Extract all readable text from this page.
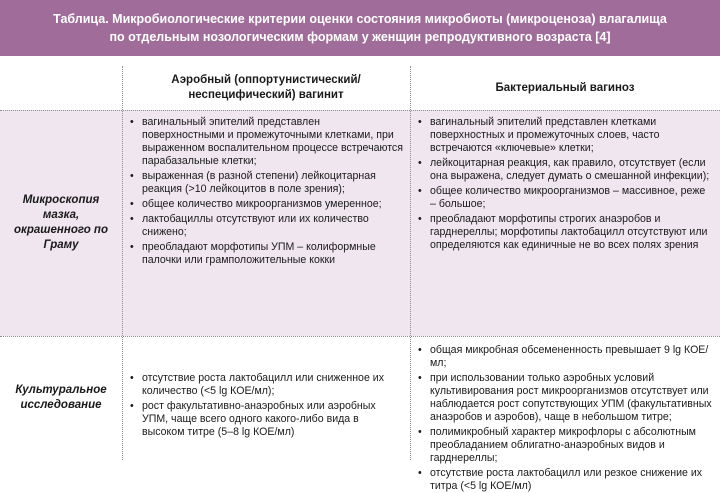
Таблица. Микробиологические критерии оценки состояния микробиоты (микроценоза) влагалища
по отдельным нозологическим формам у женщин репродуктивного возраста [4]
Аэробный (оппортунистический/ неспецифический) вагинит
Бактериальный вагиноз
Микроскопия мазка, окрашенного по Граму
• вагинальный эпителий представлен поверхностными и промежуточными клетками, при выраженном воспалительном процессе встречаются парабазальные клетки;
• выраженная (в разной степени) лейкоцитарная реакция (>10 лейкоцитов в поле зрения);
• общее количество микроорганизмов умеренное;
• лактобациллы отсутствуют или их количество снижено;
• преобладают морфотипы УПМ – колиформные палочки или грамположительные кокки
• вагинальный эпителий представлен клетками поверхностных и промежуточных слоев, часто встречаются «ключевые» клетки;
• лейкоцитарная реакция, как правило, отсутствует (если она выражена, следует думать о смешанной инфекции);
• общее количество микроорганизмов – массивное, реже – большое;
• преобладают морфотипы строгих анаэробов и гарднереллы; морфотипы лактобацилл отсутствуют или определяются как единичные не во всех полях зрения
Культуральное исследование
• отсутствие роста лактобацилл или сниженное их количество (<5 lg КОЕ/мл);
• рост факультативно-анаэробных или аэробных УПМ, чаще всего одного какого-либо вида в высоком титре (5–8 lg КОЕ/мл)
• общая микробная обсемененность превышает 9 lg КОЕ/мл;
• при использовании только аэробных условий культивирования рост микроорганизмов отсутствует или наблюдается рост сопутствующих УПМ (факультативных анаэробов и аэробов), чаще в небольшом титре;
• полимикробный характер микрофлоры с абсолютным преобладанием облигатно-анаэробных видов и гарднереллы;
• отсутствие роста лактобацилл или резкое снижение их титра (<5 lg КОЕ/мл)
